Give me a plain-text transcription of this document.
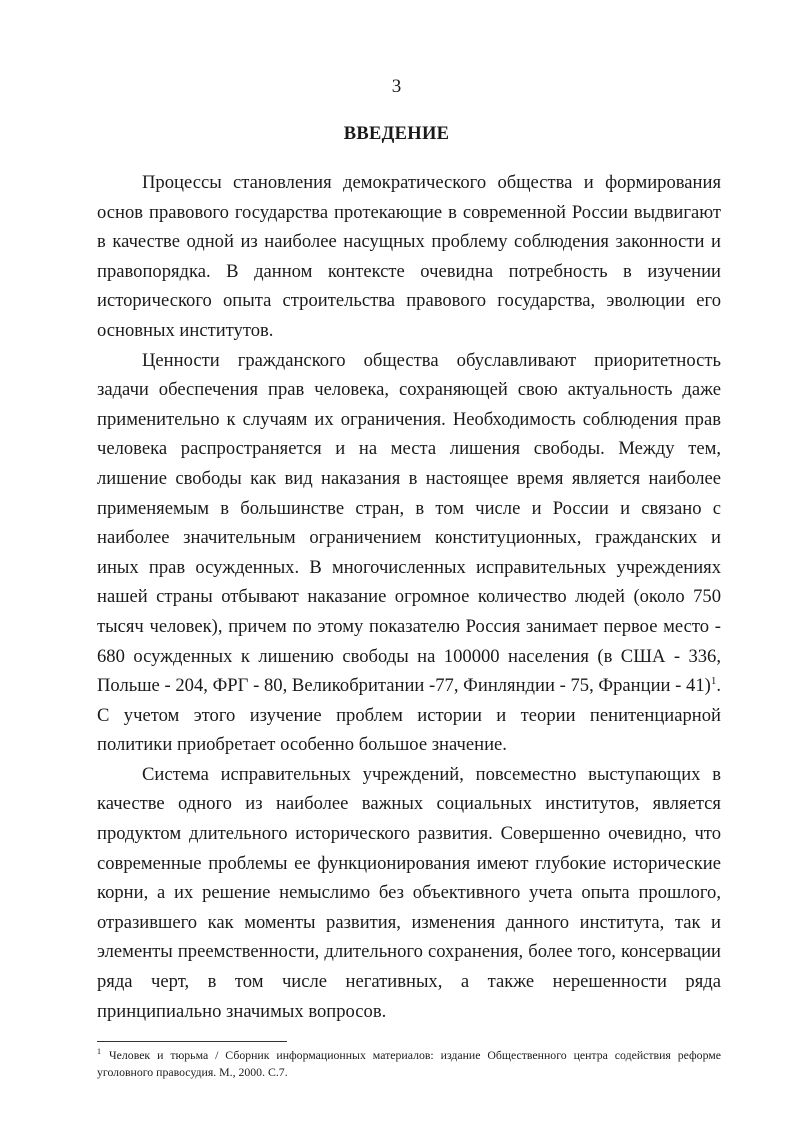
3
ВВЕДЕНИЕ

Процессы становления демократического общества и формирования основ правового государства протекающие в современной России выдвигают в качестве одной из наиболее насущных проблему соблюдения законности и правопорядка. В данном контексте очевидна потребность в изучении исторического опыта строительства правового государства, эволюции его основных институтов.

Ценности гражданского общества обуславливают приоритетность задачи обеспечения прав человека, сохраняющей свою актуальность даже применительно к случаям их ограничения. Необходимость соблюдения прав человека распространяется и на места лишения свободы. Между тем, лишение свободы как вид наказания в настоящее время является наиболее применяемым в большинстве стран, в том числе и России и связано с наиболее значительным ограничением конституционных, гражданских и иных прав осужденных. В многочисленных исправительных учреждениях нашей страны отбывают наказание огромное количество людей (около 750 тысяч человек), причем по этому показателю Россия занимает первое место - 680 осужденных к лишению свободы на 100000 населения (в США - 336, Польше - 204, ФРГ - 80, Великобритании -77, Финляндии - 75, Франции - 41)$^1$. С учетом этого изучение проблем истории и теории пенитенциарной политики приобретает особенно большое значение.

Система исправительных учреждений, повсеместно выступающих в качестве одного из наиболее важных социальных институтов, является продуктом длительного исторического развития. Совершенно очевидно, что современные проблемы ее функционирования имеют глубокие исторические корни, а их решение немыслимо без объективного учета опыта прошлого, отразившего как моменты развития, изменения данного института, так и элементы преемственности, длительного сохранения, более того, консервации ряда черт, в том числе негативных, а также нерешенности ряда принципиально значимых вопросов.

$^1$ Человек и тюрьма / Сборник информационных материалов: издание Общественного центра содействия реформе уголовного правосудия. М., 2000. С.7.
